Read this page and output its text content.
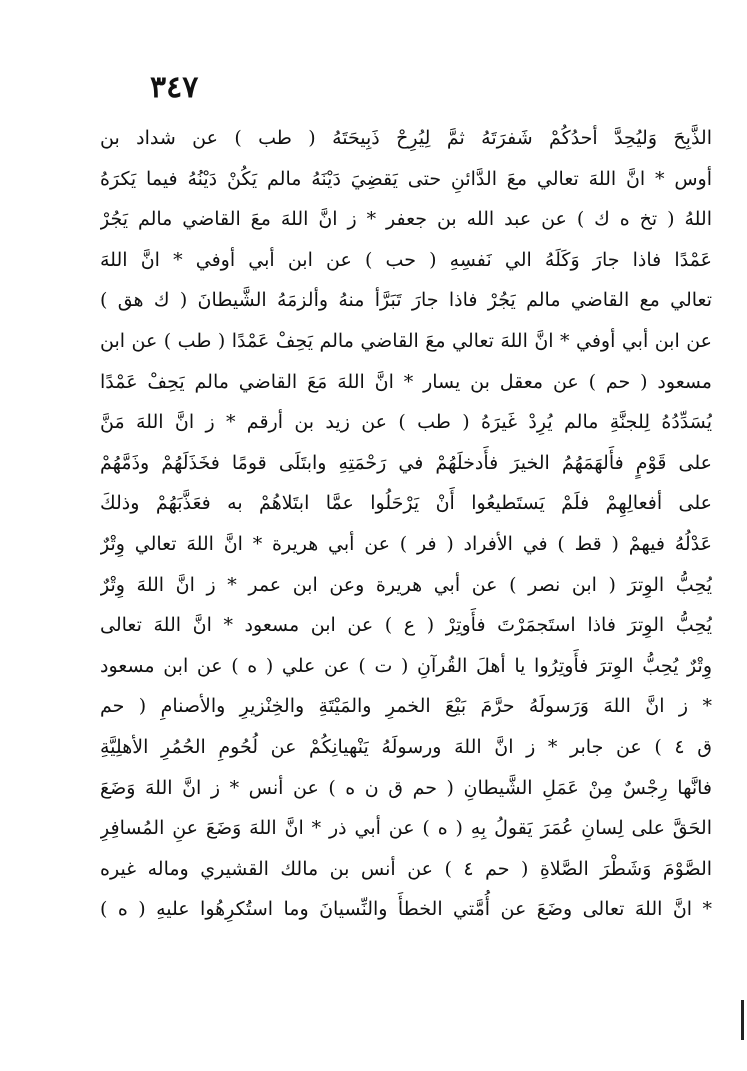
٣٤٧
الذَّبِحَ وَليُحِدَّ أحدُكُمْ شَفرَتَهُ ثمَّ لِيُرِحْ ذَبِيحَتَهُ ( طب ) عن شداد بن
أوس * انَّ اللهَ تعالي معَ الدَّائنِ حتى يَقضِيَ دَيْنَهُ مالم يَكُنْ دَيْنُهُ فيما يَكرَهُ
اللهُ ( تخ ه ك ) عن عبد الله بن جعفر * ز انَّ اللهَ معَ القاضي مالم يَجُرْ
عَمْدًا فاذا جارَ وَكَلَهُ الي نَفسِهِ ( حب ) عن ابن أبي أوفي * انَّ اللهَ
تعالي مع القاضي مالم يَجُرْ فاذا جارَ تَبَرَّأ منهُ وألزمَهُ الشَّيطانَ ( ك هق )
عن ابن أبي أوفي * انَّ اللهَ تعالي معَ القاضي مالم يَحِفْ عَمْدًا ( طب ) عن ابن
مسعود ( حم ) عن معقل بن يسار * انَّ اللهَ مَعَ القاضي مالم يَحِفْ عَمْدًا
يُسَدِّدُهُ لِلجنَّةِ مالم يُرِدْ غَيرَهُ ( طب ) عن زيد بن أرقم * ز انَّ اللهَ مَنَّ
على قَوْمٍ فأَلهَمَهُمُ الخيرَ فأَدخلَهُمْ في رَحْمَتِهِ وابتَلَى قومًا فخَذَلَهُمْ وذَمَّهُمْ
على أفعالِهِمْ فلَمْ يَستَطيعُوا أَنْ يَرْحَلُوا عمَّا ابتَلاهُمْ به فعَذَّبَهُمْ وذلكَ
عَدْلُهُ فيهمْ ( قط ) في الأفراد ( فر ) عن أبي هريرة * انَّ اللهَ تعالي وِتْرٌ
يُحِبُّ الوِترَ ( ابن نصر ) عن أبي هريرة وعن ابن عمر * ز انَّ اللهَ وِتْرٌ
يُحِبُّ الوِترَ فاذا استَجمَرْتَ فأَوتِرْ ( ع ) عن ابن مسعود * انَّ اللهَ تعالى
وِتْرٌ يُحِبُّ الوِترَ فأَوتِرُوا يا أهلَ القُرآنِ ( ت ) عن علي ( ه ) عن ابن مسعود
* ز انَّ اللهَ وَرَسولَهُ حرَّمَ بَيْعَ الخمرِ والمَيْتَةِ والخِنْزيرِ والأصنامِ ( حم
ق ٤ ) عن جابر * ز انَّ اللهَ ورسولَهُ يَنْهيانِكُمْ عن لُحُومِ الحُمُرِ الأهلِيَّةِ
فانَّها رِجْسٌ مِنْ عَمَلِ الشَّيطانِ ( حم ق ن ه ) عن أنس * ز انَّ اللهَ وَضَعَ
الحَقَّ على لِسانِ عُمَرَ يَقولُ بِهِ ( ه ) عن أبي ذر * انَّ اللهَ وَضَعَ عنِ المُسافِرِ
الصَّوْمَ وَشَطْرَ الصَّلاةِ ( حم ٤ ) عن أنس بن مالك القشيري وماله غيره
* انَّ اللهَ تعالى وضَعَ عن أُمَّتي الخطأَ والنِّسيانَ وما استُكرِهُوا عليهِ ( ه )
